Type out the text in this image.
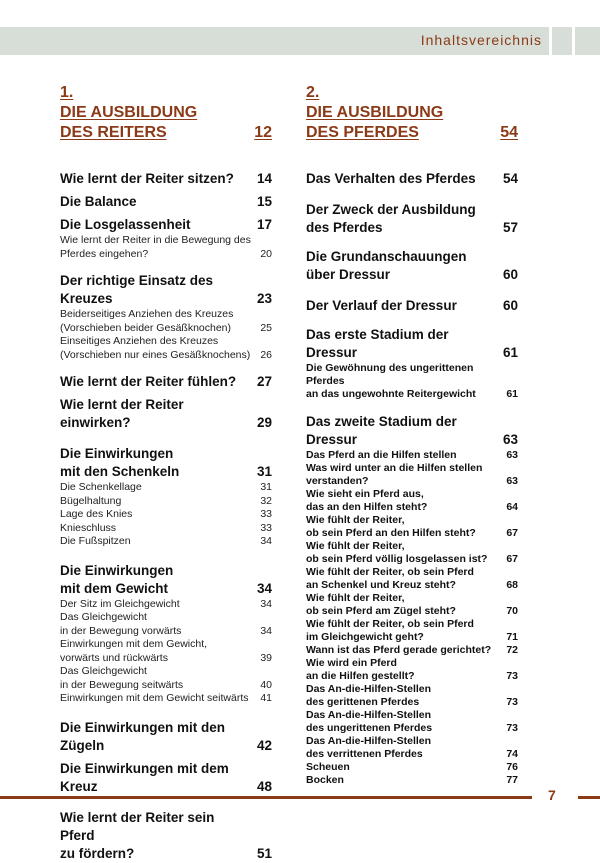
Inhaltsvereichnis
1.
DIE AUSBILDUNG
DES REITERS	12
Wie lernt der Reiter sitzen?	14
Die Balance	15
Die Losgelassenheit	17
Wie lernt der Reiter in die Bewegung des
Pferdes eingehen?	20
Der richtige Einsatz des Kreuzes	23
Beiderseitiges Anziehen des Kreuzes
(Vorschieben beider Gesäßknochen)	25
Einseitiges Anziehen des Kreuzes
(Vorschieben nur eines Gesäßknochens) 26
Wie lernt der Reiter fühlen?	27
Wie lernt der Reiter einwirken?	29
Die Einwirkungen
mit den Schenkeln	31
Die Schenkellage	31
Bügelhaltung	32
Lage des Knies	33
Knieschluss	33
Die Fußspitzen	34
Die Einwirkungen
mit dem Gewicht	34
Der Sitz im Gleichgewicht	34
Das Gleichgewicht
in der Bewegung vorwärts	34
Einwirkungen mit dem Gewicht,
vorwärts und rückwärts	39
Das Gleichgewicht
in der Bewegung seitwärts	40
Einwirkungen mit dem Gewicht seitwärts	41
Die Einwirkungen mit den Zügeln	42
Die Einwirkungen mit dem Kreuz	48
Wie lernt der Reiter sein Pferd
zu fördern?	51
2.
DIE AUSBILDUNG
DES PFERDES	54
Das Verhalten des Pferdes	54
Der Zweck der Ausbildung
des Pferdes	57
Die Grundanschauungen
über Dressur	60
Der Verlauf der Dressur	60
Das erste Stadium der Dressur	61
Die Gewöhnung des ungerittenen Pferdes
an das ungewohnte Reitergewicht	61
Das zweite Stadium der Dressur	63
Das Pferd an die Hilfen stellen	63
Was wird unter an die Hilfen stellen
verstanden?	63
Wie sieht ein Pferd aus,
das an den Hilfen steht?	64
Wie fühlt der Reiter,
ob sein Pferd an den Hilfen steht?	67
Wie fühlt der Reiter,
ob sein Pferd völlig losgelassen ist?	67
Wie fühlt der Reiter, ob sein Pferd
an Schenkel und Kreuz steht?	68
Wie fühlt der Reiter,
ob sein Pferd am Zügel steht?	70
Wie fühlt der Reiter, ob sein Pferd
im Gleichgewicht geht?	71
Wann ist das Pferd gerade gerichtet?	72
Wie wird ein Pferd
an die Hilfen gestellt?	73
Das An-die-Hilfen-Stellen
des gerittenen Pferdes	73
Das An-die-Hilfen-Stellen
des ungerittenen Pferdes	73
Das An-die-Hilfen-Stellen
des verrittenen Pferdes	74
Scheuen	76
Bocken	77
7
